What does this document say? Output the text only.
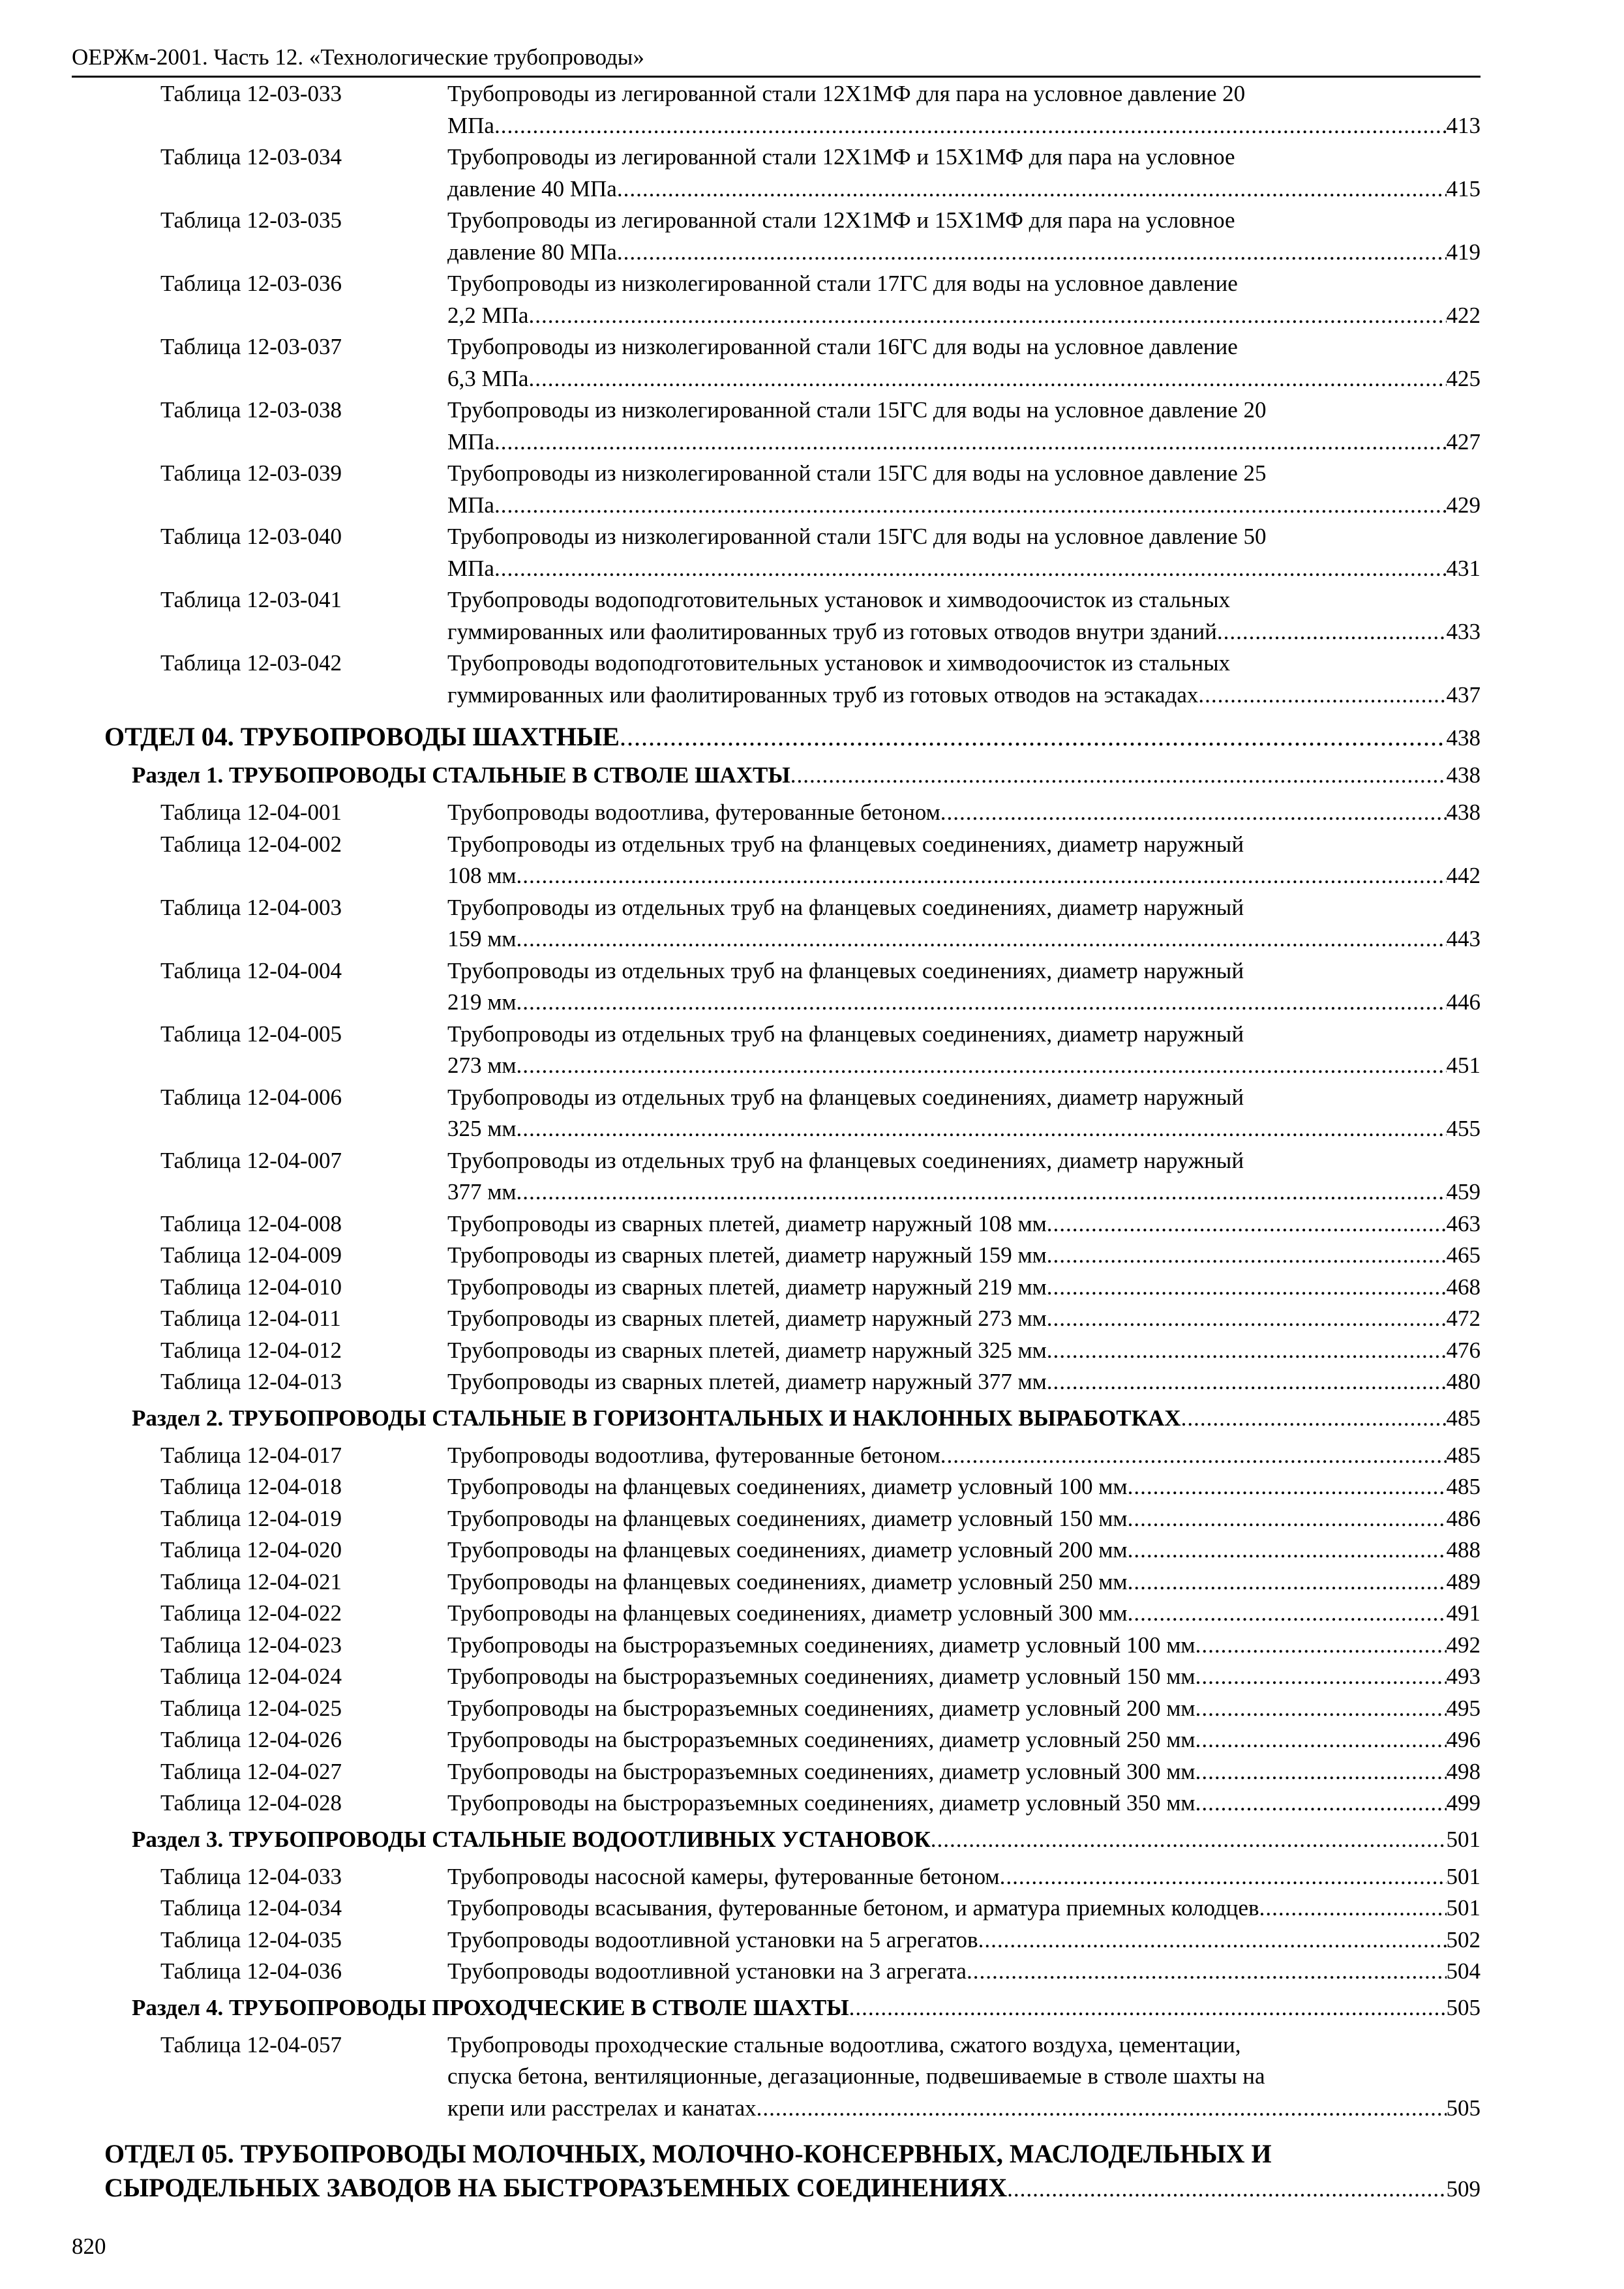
ОЕРЖм-2001. Часть 12. «Технологические трубопроводы»
Таблица 12-03-033	Трубопроводы из легированной стали 12Х1МФ для пара на условное давление 20
МПа .....	413
Таблица 12-03-034	Трубопроводы из легированной стали 12Х1МФ и 15Х1МФ для пара на условное
давление 40 МПа .....	415
Таблица 12-03-035	Трубопроводы из легированной стали 12Х1МФ и 15Х1МФ для пара на условное
давление 80 МПа .....	419
Таблица 12-03-036	Трубопроводы из низколегированной стали 17ГС для воды на условное давление
2,2 МПа .....	422
Таблица 12-03-037	Трубопроводы из низколегированной стали 16ГС для воды на условное давление
6,3 МПа .....	425
Таблица 12-03-038	Трубопроводы из низколегированной стали 15ГС для воды на условное давление 20
МПа .....	427
Таблица 12-03-039	Трубопроводы из низколегированной стали 15ГС для воды на условное давление 25
МПа .....	429
Таблица 12-03-040	Трубопроводы из низколегированной стали 15ГС для воды на условное давление 50
МПа .....	431
Таблица 12-03-041	Трубопроводы водоподготовительных установок и химводоочисток из стальных
гуммированных или фаолитированных труб из готовых отводов внутри зданий .....	433
Таблица 12-03-042	Трубопроводы водоподготовительных установок и химводоочисток из стальных
гуммированных или фаолитированных труб из готовых отводов на эстакадах .....	437
ОТДЕЛ 04. ТРУБОПРОВОДЫ ШАХТНЫЕ .....	438
Раздел 1. ТРУБОПРОВОДЫ СТАЛЬНЫЕ В СТВОЛЕ ШАХТЫ .....	438
Таблица 12-04-001	Трубопроводы водоотлива, футерованные бетоном .....	438
Таблица 12-04-002	Трубопроводы из отдельных труб на фланцевых соединениях, диаметр наружный
108 мм .....	442
Таблица 12-04-003	Трубопроводы из отдельных труб на фланцевых соединениях, диаметр наружный
159 мм .....	443
Таблица 12-04-004	Трубопроводы из отдельных труб на фланцевых соединениях, диаметр наружный
219 мм .....	446
Таблица 12-04-005	Трубопроводы из отдельных труб на фланцевых соединениях, диаметр наружный
273 мм .....	451
Таблица 12-04-006	Трубопроводы из отдельных труб на фланцевых соединениях, диаметр наружный
325 мм .....	455
Таблица 12-04-007	Трубопроводы из отдельных труб на фланцевых соединениях, диаметр наружный
377 мм .....	459
Таблица 12-04-008	Трубопроводы из сварных плетей, диаметр наружный 108 мм .....	463
Таблица 12-04-009	Трубопроводы из сварных плетей, диаметр наружный 159 мм .....	465
Таблица 12-04-010	Трубопроводы из сварных плетей, диаметр наружный 219 мм .....	468
Таблица 12-04-011	Трубопроводы из сварных плетей, диаметр наружный 273 мм .....	472
Таблица 12-04-012	Трубопроводы из сварных плетей, диаметр наружный 325 мм .....	476
Таблица 12-04-013	Трубопроводы из сварных плетей, диаметр наружный 377 мм .....	480
Раздел 2. ТРУБОПРОВОДЫ СТАЛЬНЫЕ В ГОРИЗОНТАЛЬНЫХ И НАКЛОННЫХ ВЫРАБОТКАХ .....	485
Таблица 12-04-017	Трубопроводы водоотлива, футерованные бетоном .....	485
Таблица 12-04-018	Трубопроводы на фланцевых соединениях, диаметр условный 100 мм .....	485
Таблица 12-04-019	Трубопроводы на фланцевых соединениях, диаметр условный 150 мм .....	486
Таблица 12-04-020	Трубопроводы на фланцевых соединениях, диаметр условный 200 мм .....	488
Таблица 12-04-021	Трубопроводы на фланцевых соединениях, диаметр условный 250 мм .....	489
Таблица 12-04-022	Трубопроводы на фланцевых соединениях, диаметр условный 300 мм .....	491
Таблица 12-04-023	Трубопроводы на быстроразъемных соединениях, диаметр условный 100 мм .....	492
Таблица 12-04-024	Трубопроводы на быстроразъемных соединениях, диаметр условный 150 мм .....	493
Таблица 12-04-025	Трубопроводы на быстроразъемных соединениях, диаметр условный 200 мм .....	495
Таблица 12-04-026	Трубопроводы на быстроразъемных соединениях, диаметр условный 250 мм .....	496
Таблица 12-04-027	Трубопроводы на быстроразъемных соединениях, диаметр условный 300 мм .....	498
Таблица 12-04-028	Трубопроводы на быстроразъемных соединениях, диаметр условный 350 мм .....	499
Раздел 3. ТРУБОПРОВОДЫ СТАЛЬНЫЕ ВОДООТЛИВНЫХ УСТАНОВОК .....	501
Таблица 12-04-033	Трубопроводы насосной камеры, футерованные бетоном .....	501
Таблица 12-04-034	Трубопроводы всасывания, футерованные бетоном, и арматура приемных колодцев .....	501
Таблица 12-04-035	Трубопроводы водоотливной установки на 5 агрегатов .....	502
Таблица 12-04-036	Трубопроводы водоотливной установки на 3 агрегата .....	504
Раздел 4. ТРУБОПРОВОДЫ ПРОХОДЧЕСКИЕ В СТВОЛЕ ШАХТЫ .....	505
Таблица 12-04-057	Трубопроводы проходческие стальные водоотлива, сжатого воздуха, цементации,
спуска бетона, вентиляционные, дегазационные, подвешиваемые в стволе шахты на
крепи или расстрелах и канатах .....	505
ОТДЕЛ 05. ТРУБОПРОВОДЫ МОЛОЧНЫХ, МОЛОЧНО-КОНСЕРВНЫХ, МАСЛОДЕЛЬНЫХ И
СЫРОДЕЛЬНЫХ ЗАВОДОВ НА БЫСТРОРАЗЪЕМНЫХ СОЕДИНЕНИЯХ .....	509
820
